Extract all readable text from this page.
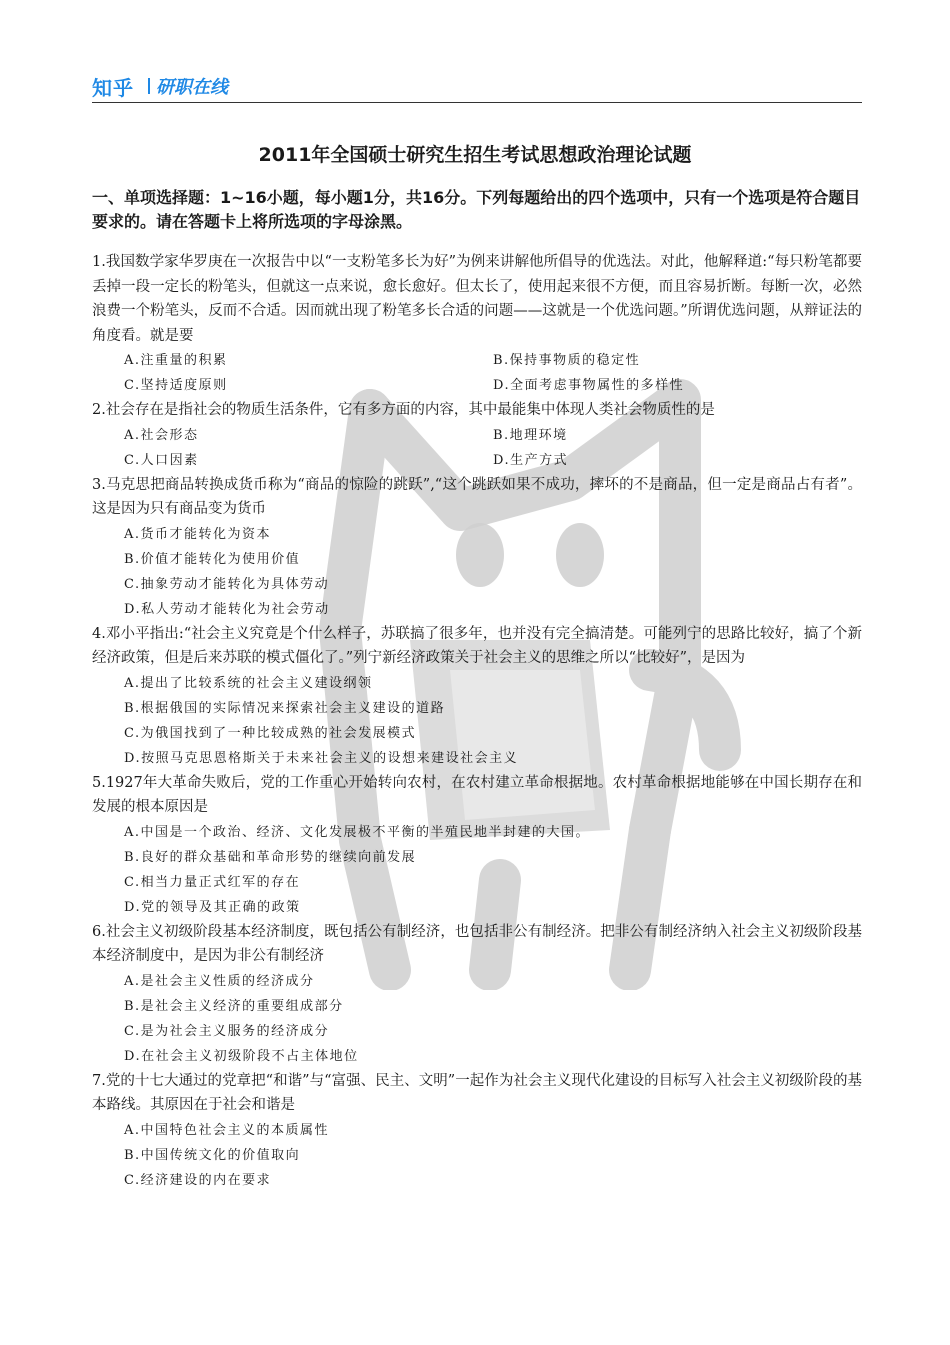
知乎 研职在线
2011年全国硕士研究生招生考试思想政治理论试题
一、单项选择题：1~16小题，每小题1分，共16分。下列每题给出的四个选项中，只有一个选项是符合题目要求的。请在答题卡上将所选项的字母涂黑。
1.我国数学家华罗庚在一次报告中以“一支粉笔多长为好”为例来讲解他所倡导的优选法。对此，他解释道:“每只粉笔都要丢掉一段一定长的粉笔头，但就这一点来说，愈长愈好。但太长了，使用起来很不方便，而且容易折断。每断一次，必然浪费一个粉笔头，反而不合适。因而就出现了粉笔多长合适的问题——这就是一个优选问题。”所谓优选问题，从辩证法的角度看。就是要
A.注重量的积累	B.保持事物质的稳定性
C.坚持适度原则	D.全面考虑事物属性的多样性
2.社会存在是指社会的物质生活条件，它有多方面的内容，其中最能集中体现人类社会物质性的是
A.社会形态	B.地理环境
C.人口因素	D.生产方式
3.马克思把商品转换成货币称为“商品的惊险的跳跃”,“这个跳跃如果不成功，摔坏的不是商品，但一定是商品占有者”。这是因为只有商品变为货币
A.货币才能转化为资本
B.价值才能转化为使用价值
C.抽象劳动才能转化为具体劳动
D.私人劳动才能转化为社会劳动
4.邓小平指出:“社会主义究竟是个什么样子，苏联搞了很多年，也并没有完全搞清楚。可能列宁的思路比较好，搞了个新经济政策，但是后来苏联的模式僵化了。”列宁新经济政策关于社会主义的思维之所以“比较好”，是因为
A.提出了比较系统的社会主义建设纲领
B.根据俄国的实际情况来探索社会主义建设的道路
C.为俄国找到了一种比较成熟的社会发展模式
D.按照马克思恩格斯关于未来社会主义的设想来建设社会主义
5.1927年大革命失败后，党的工作重心开始转向农村，在农村建立革命根据地。农村革命根据地能够在中国长期存在和发展的根本原因是
A.中国是一个政治、经济、文化发展极不平衡的半殖民地半封建的大国。
B.良好的群众基础和革命形势的继续向前发展
C.相当力量正式红军的存在
D.党的领导及其正确的政策
6.社会主义初级阶段基本经济制度，既包括公有制经济，也包括非公有制经济。把非公有制经济纳入社会主义初级阶段基本经济制度中，是因为非公有制经济
A.是社会主义性质的经济成分
B.是社会主义经济的重要组成部分
C.是为社会主义服务的经济成分
D.在社会主义初级阶段不占主体地位
7.党的十七大通过的党章把“和谐”与“富强、民主、文明”一起作为社会主义现代化建设的目标写入社会主义初级阶段的基本路线。其原因在于社会和谐是
A.中国特色社会主义的本质属性
B.中国传统文化的价值取向
C.经济建设的内在要求
